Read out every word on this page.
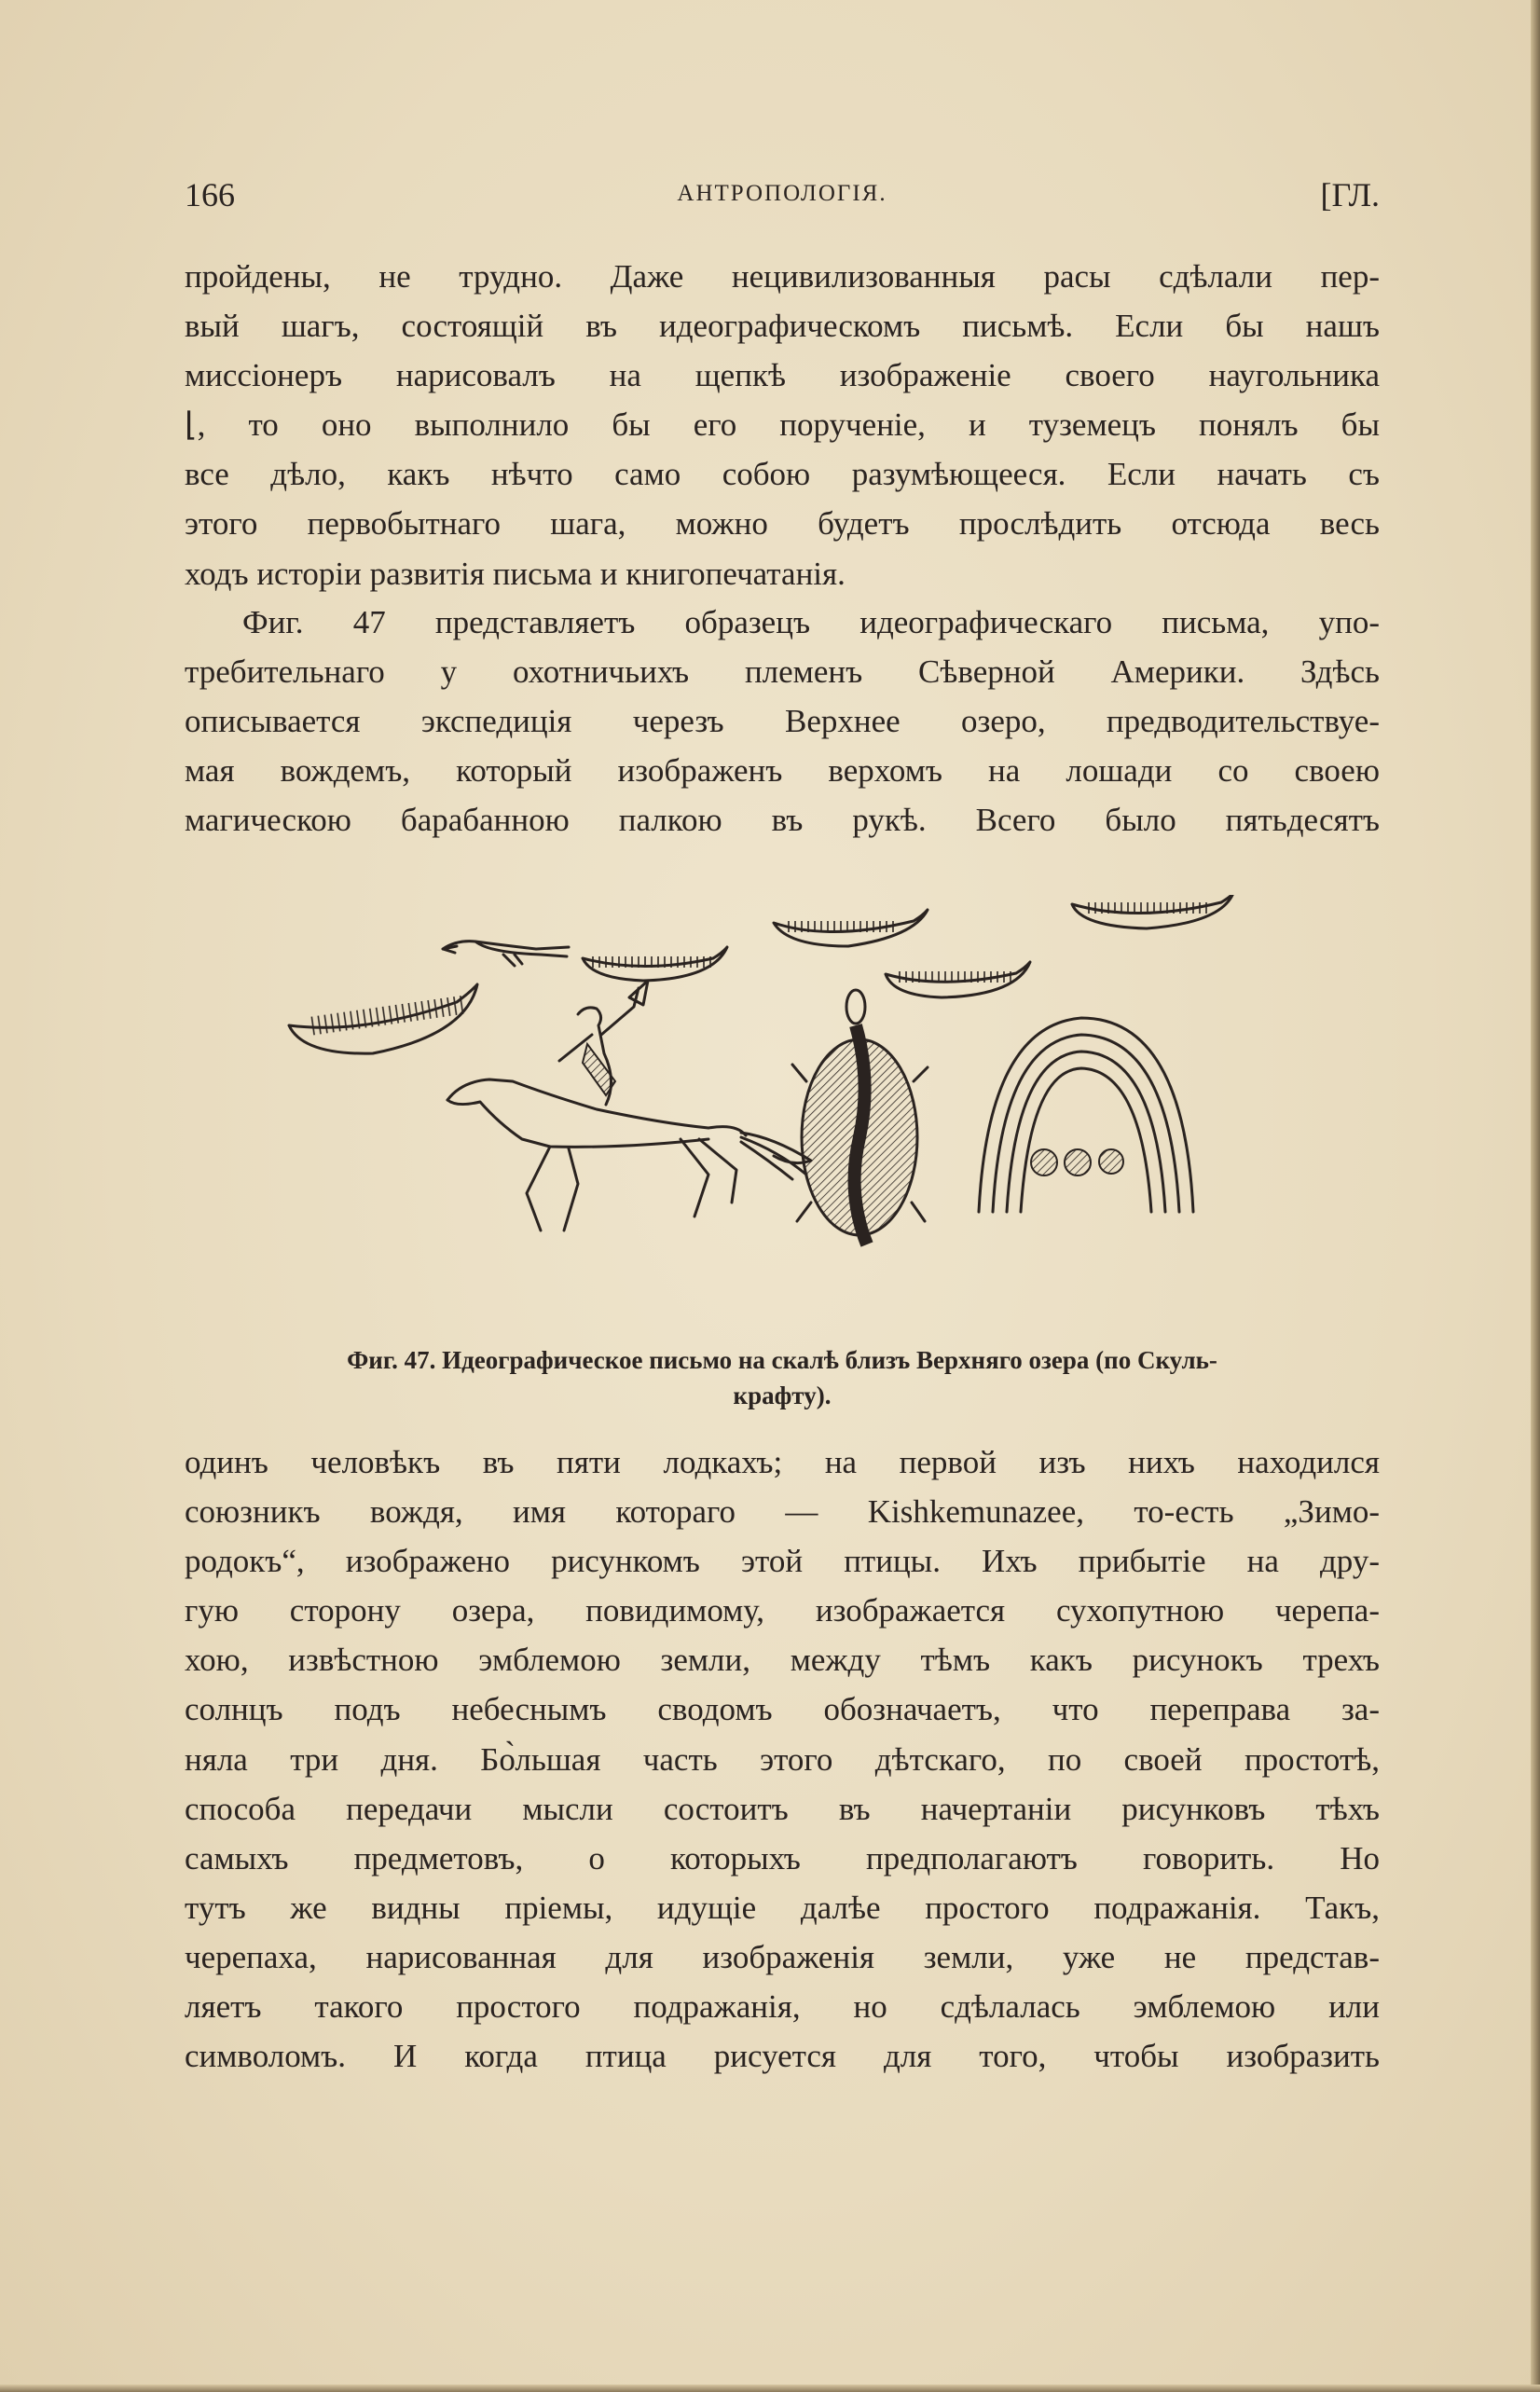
166	АНТРОПОЛОГІЯ.	[ГЛ.
пройдены, не трудно. Даже нецивилизованныя расы сдѣлали пер-
вый шагъ, состоящій въ идеографическомъ письмѣ. Если бы нашъ
миссіонеръ нарисовалъ на щепкѣ изображеніе своего наугольника
⌊, то оно выполнило бы его порученіе, и туземецъ понялъ бы
все дѣло, какъ нѣчто само собою разумѣющееся. Если начать съ
этого первобытнаго шага, можно будетъ прослѣдить отсюда весь
ходъ исторіи развитія письма и книгопечатанія.
Фиг. 47 представляетъ образецъ идеографическаго письма, упо-
требительнаго у охотничьихъ племенъ Сѣверной Америки. Здѣсь
описывается экспедиція черезъ Верхнее озеро, предводительствуе-
мая вождемъ, который изображенъ верхомъ на лошади со своею
магическою барабанною палкою въ рукѣ. Всего было пятьдесятъ
Фиг. 47. Идеографическое письмо на скалѣ близъ Верхняго озера (по Скуль-
крафту).
одинъ человѣкъ въ пяти лодкахъ; на первой изъ нихъ находился
союзникъ вождя, имя котораго — Kishkemunazee, то-есть „Зимо-
родокъ“, изображено рисункомъ этой птицы. Ихъ прибытіе на дру-
гую сторону озера, повидимому, изображается сухопутною черепа-
хою, извѣстною эмблемою земли, между тѣмъ какъ рисунокъ трехъ
солнцъ подъ небеснымъ сводомъ обозначаетъ, что переправа за-
няла три дня. Бо̀льшая часть этого дѣтскаго, по своей простотѣ,
способа передачи мысли состоитъ въ начертаніи рисунковъ тѣхъ
самыхъ предметовъ, о которыхъ предполагаютъ говорить. Но
тутъ же видны пріемы, идущіе далѣе простого подражанія. Такъ,
черепаха, нарисованная для изображенія земли, уже не представ-
ляетъ такого простого подражанія, но сдѣлалась эмблемою или
символомъ. И когда птица рисуется для того, чтобы изобразить
